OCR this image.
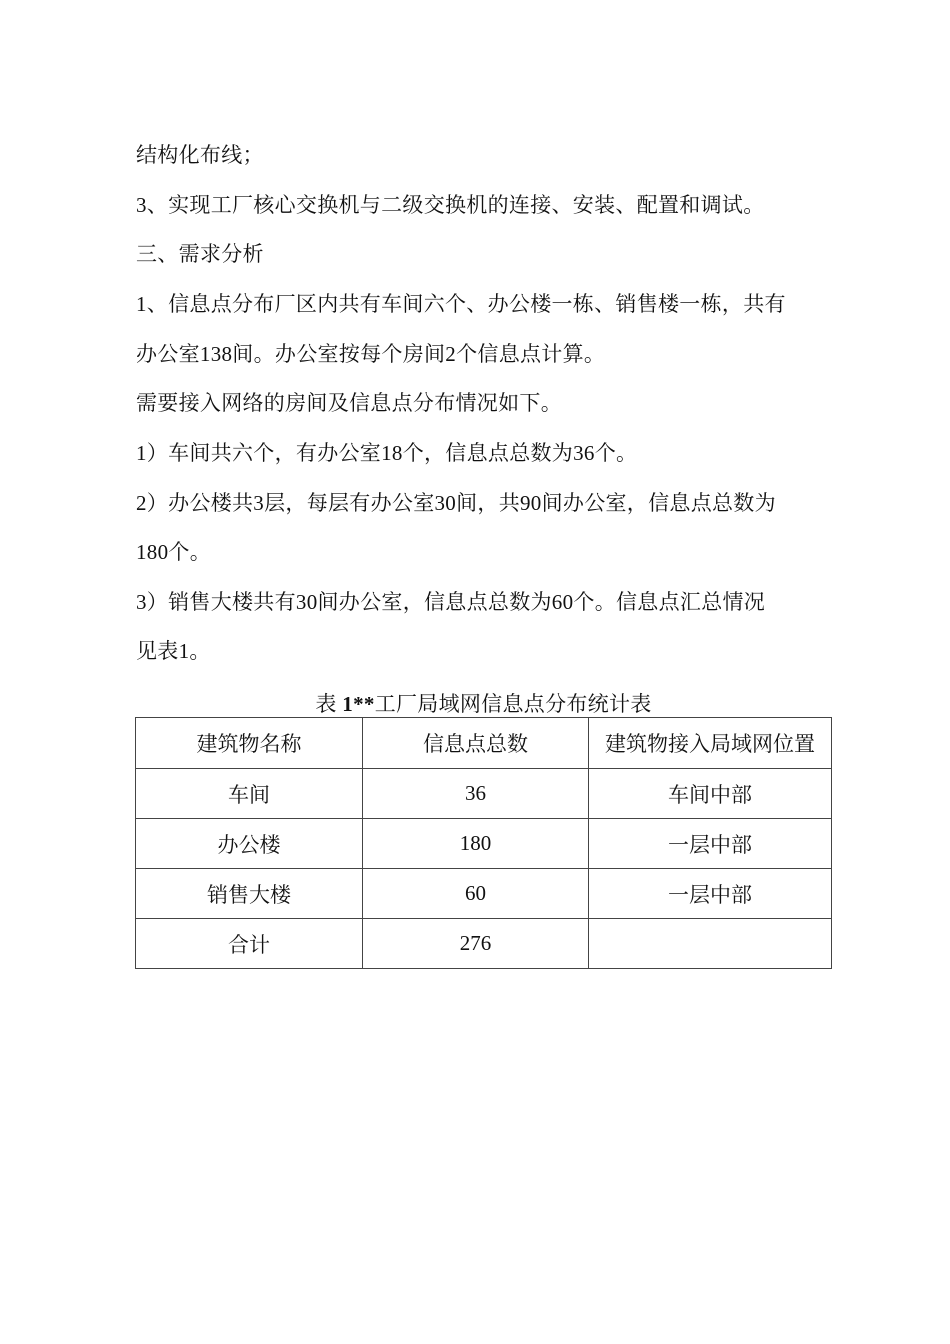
结构化布线；
3、实现工厂核心交换机与二级交换机的连接、安装、配置和调试。
三、需求分析
1、信息点分布厂区内共有车间六个、办公楼一栋、销售楼一栋，共有
办公室138间。办公室按每个房间2个信息点计算。
需要接入网络的房间及信息点分布情况如下。
1）车间共六个，有办公室18个，信息点总数为36个。
2）办公楼共3层，每层有办公室30间，共90间办公室，信息点总数为
180个。
3）销售大楼共有30间办公室，信息点总数为60个。信息点汇总情况
见表1。
表 1**工厂局域网信息点分布统计表
建筑物名称	信息点总数	建筑物接入局域网位置
车间	36	车间中部
办公楼	180	一层中部
销售大楼	60	一层中部
合计	276	
